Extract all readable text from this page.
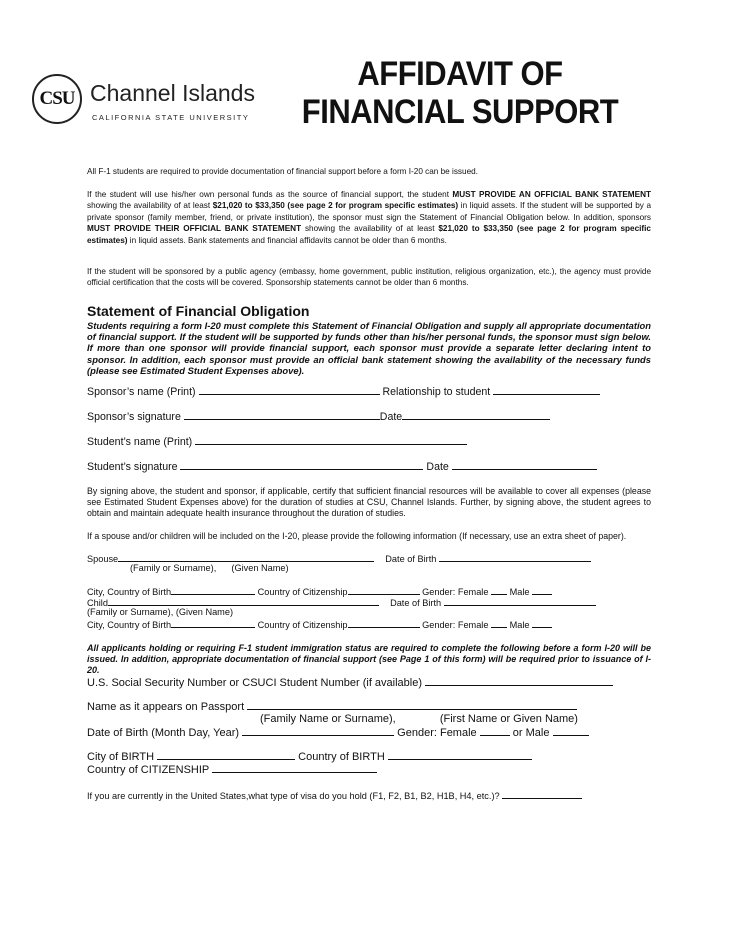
CSU Channel Islands
CALIFORNIA STATE UNIVERSITY
AFFIDAVIT OF
FINANCIAL SUPPORT
All F-1 students are required to provide documentation of financial support before a form I-20 can be issued.
If the student will use his/her own personal funds as the source of financial support, the student MUST PROVIDE AN OFFICIAL BANK STATEMENT showing the availability of at least $21,020 to $33,350 (see page 2 for program specific estimates) in liquid assets. If the student will be supported by a private sponsor (family member, friend, or private institution), the sponsor must sign the Statement of Financial Obligation below. In addition, sponsors MUST PROVIDE THEIR OFFICIAL BANK STATEMENT showing the availability of at least $21,020 to $33,350 (see page 2 for program specific estimates) in liquid assets. Bank statements and financial affidavits cannot be older than 6 months.
If the student will be sponsored by a public agency (embassy, home government, public institution, religious organization, etc.), the agency must provide official certification that the costs will be covered. Sponsorship statements cannot be older than 6 months.
Statement of Financial Obligation
Students requiring a form I-20 must complete this Statement of Financial Obligation and supply all appropriate documentation of financial support. If the student will be supported by funds other than his/her personal funds, the sponsor must sign below. If more than one sponsor will provide financial support, each sponsor must provide a separate letter declaring intent to sponsor. In addition, each sponsor must provide an official bank statement showing the availability of the necessary funds (please see Estimated Student Expenses above).
Sponsor’s name (Print)	Relationship to student
Sponsor’s signature	Date
Student’s name (Print)
Student’s signature	Date
By signing above, the student and sponsor, if applicable, certify that sufficient financial resources will be available to cover all expenses (please see Estimated Student Expenses above) for the duration of studies at CSU, Channel Islands. Further, by signing above, the student agrees to obtain and maintain adequate health insurance throughout the duration of studies.
If a spouse and/or children will be included on the I-20, please provide the following information (If necessary, use an extra sheet of paper).
Spouse	Date of Birth
(Family or Surname), (Given Name)
City, Country of Birth	Country of Citizenship	Gender: Female Male
Child	Date of Birth
(Family or Surname), (Given Name)
City, Country of Birth	Country of Citizenship	Gender: Female Male
All applicants holding or requiring F-1 student immigration status are required to complete the following before a form I-20 will be issued. In addition, appropriate documentation of financial support (see Page 1 of this form) will be required prior to issuance of I-20.
U.S. Social Security Number or CSUCI Student Number (if available)
Name as it appears on Passport
(Family Name or Surname),	(First Name or Given Name)
Date of Birth (Month Day, Year)	Gender: Female	or Male
City of BIRTH	Country of BIRTH
Country of CITIZENSHIP
If you are currently in the United States,what type of visa do you hold (F1, F2, B1, B2, H1B, H4, etc.)?
